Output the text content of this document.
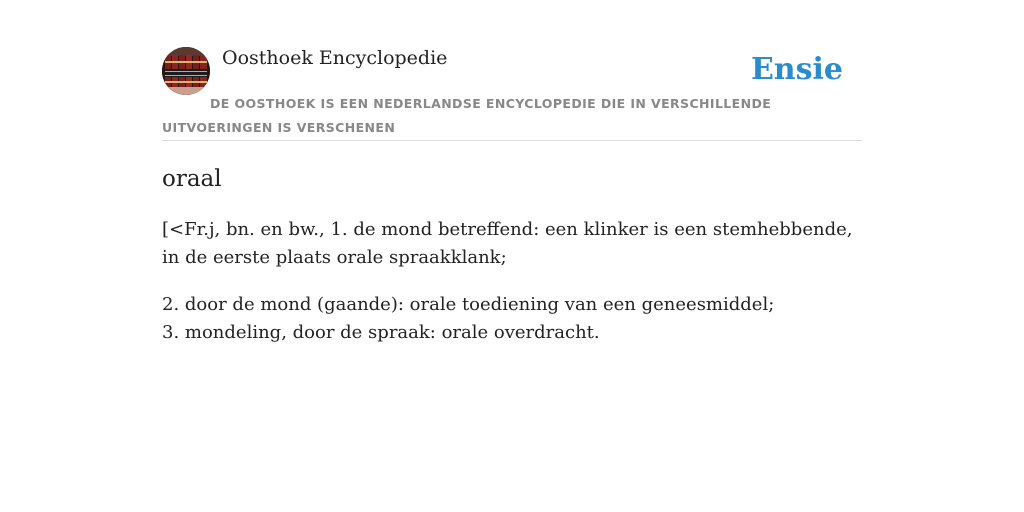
Oosthoek Encyclopedie	Ensie
DE OOSTHOEK IS EEN NEDERLANDSE ENCYCLOPEDIE DIE IN VERSCHILLENDE UITVOERINGEN IS VERSCHENEN
oraal

[<Fr.j, bn. en bw., 1. de mond betreffend: een klinker is een stemhebbende, in de eerste plaats orale spraakklank;

2. door de mond (gaande): orale toediening van een geneesmiddel;
3. mondeling, door de spraak: orale overdracht.
